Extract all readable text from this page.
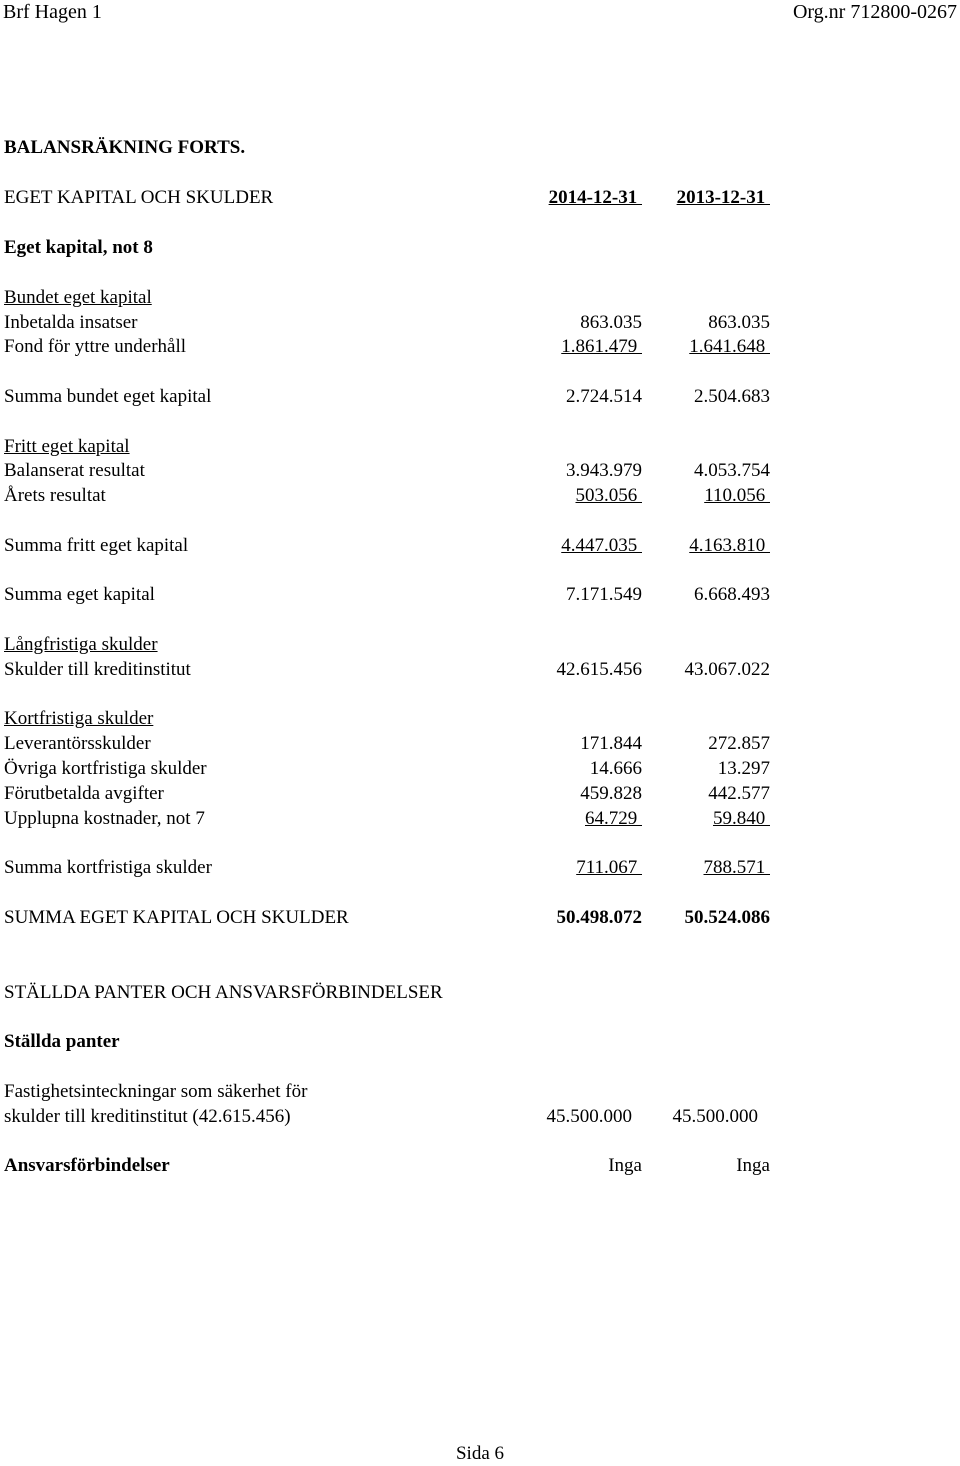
Brf Hagen 1	Org.nr 712800-0267
BALANSRÄKNING FORTS.
EGET KAPITAL OCH SKULDER	2014-12-31 2013-12-31
Eget kapital, not 8
Bundet eget kapital
Inbetalda insatser	863.035	863.035
Fond för yttre underhåll	1.861.479 1.641.648
Summa bundet eget kapital	2.724.514	2.504.683
Fritt eget kapital
Balanserat resultat	3.943.979	4.053.754
Årets resultat	503.056	110.056
Summa fritt eget kapital	4.447.035 4.163.810
Summa eget kapital	7.171.549	6.668.493
Långfristiga skulder
Skulder till kreditinstitut	42.615.456 43.067.022
Kortfristiga skulder
Leverantörsskulder	171.844	272.857
Övriga kortfristiga skulder	14.666	13.297
Förutbetalda avgifter	459.828	442.577
Upplupna kostnader, not 7	64.729	59.840
Summa kortfristiga skulder	711.067	788.571
SUMMA EGET KAPITAL OCH SKULDER	50.498.072 50.524.086
STÄLLDA PANTER OCH ANSVARSFÖRBINDELSER
Ställda panter
Fastighetsinteckningar som säkerhet för
skulder till kreditinstitut (42.615.456)	45.500.000 45.500.000
Ansvarsförbindelser	Inga	Inga
Sida 6
